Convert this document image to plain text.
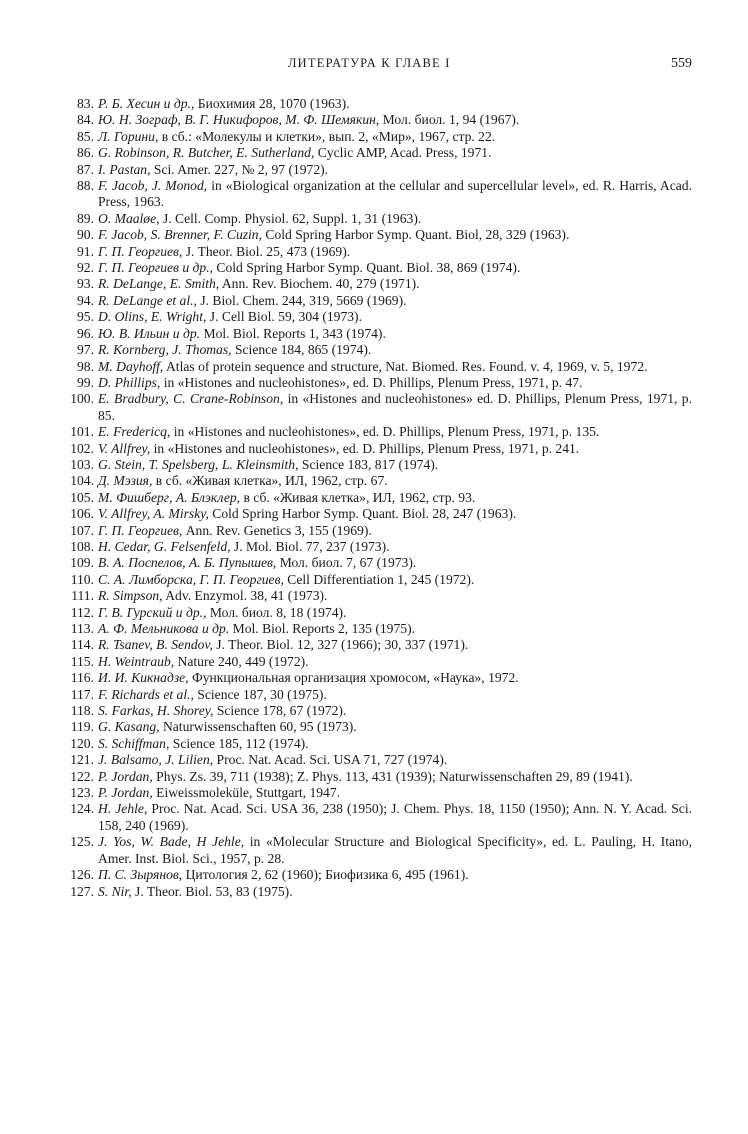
ЛИТЕРАТУРА К ГЛАВЕ I	559
83. Р. Б. Хесин и др., Биохимия 28, 1070 (1963).
84. Ю. Н. Зограф, В. Г. Никифоров, М. Ф. Шемякин, Мол. биол. 1, 94 (1967).
85. Л. Горини, в сб.: «Молекулы и клетки», вып. 2, «Мир», 1967, стр. 22.
86. G. Robinson, R. Butcher, E. Sutherland, Cyclic AMP, Acad. Press, 1971.
87. I. Pastan, Sci. Amer. 227, № 2, 97 (1972).
88. F. Jacob, J. Monod, in «Biological organization at the cellular and supercellular level», ed. R. Harris, Acad. Press, 1963.
89. O. Maaløe, J. Cell. Comp. Physiol. 62, Suppl. 1, 31 (1963).
90. F. Jacob, S. Brenner, F. Cuzin, Cold Spring Harbor Symp. Quant. Biol, 28, 329 (1963).
91. Г. П. Георгиев, J. Theor. Biol. 25, 473 (1969).
92. Г. П. Георгиев и др., Cold Spring Harbor Symp. Quant. Biol. 38, 869 (1974).
93. R. DeLange, E. Smith, Ann. Rev. Biochem. 40, 279 (1971).
94. R. DeLange et al., J. Biol. Chem. 244, 319, 5669 (1969).
95. D. Olins, E. Wright, J. Cell Biol. 59, 304 (1973).
96. Ю. В. Ильин и др. Mol. Biol. Reports 1, 343 (1974).
97. R. Kornberg, J. Thomas, Science 184, 865 (1974).
98. M. Dayhoff, Atlas of protein sequence and structure, Nat. Biomed. Res. Found. v. 4, 1969, v. 5, 1972.
99. D. Phillips, in «Histones and nucleohistones», ed. D. Phillips, Plenum Press, 1971, p. 47.
100. E. Bradbury, C. Crane-Robinson, in «Histones and nucleohistones» ed. D. Phillips, Plenum Press, 1971, p. 85.
101. E. Fredericq, in «Histones and nucleohistones», ed. D. Phillips, Plenum Press, 1971, p. 135.
102. V. Allfrey, in «Histones and nucleohistones», ed. D. Phillips, Plenum Press, 1971, p. 241.
103. G. Stein, T. Spelsberg, L. Kleinsmith, Science 183, 817 (1974).
104. Д. Мэзия, в сб. «Живая клетка», ИЛ, 1962, стр. 67.
105. М. Фишберг, А. Блэклер, в сб. «Живая клетка», ИЛ, 1962, стр. 93.
106. V. Allfrey, A. Mirsky, Cold Spring Harbor Symp. Quant. Biol. 28, 247 (1963).
107. Г. П. Георгиев, Ann. Rev. Genetics 3, 155 (1969).
108. H. Cedar, G. Felsenfeld, J. Mol. Biol. 77, 237 (1973).
109. В. А. Поспелов, А. Б. Пупышев, Мол. биол. 7, 67 (1973).
110. С. А. Лимборска, Г. П. Георгиев, Cell Differentiation 1, 245 (1972).
111. R. Simpson, Adv. Enzymol. 38, 41 (1973).
112. Г. В. Гурский и др., Мол. биол. 8, 18 (1974).
113. А. Ф. Мельникова и др. Mol. Biol. Reports 2, 135 (1975).
114. R. Tsanev, B. Sendov, J. Theor. Biol. 12, 327 (1966); 30, 337 (1971).
115. H. Weintraub, Nature 240, 449 (1972).
116. И. И. Кикнадзе, Функциональная организация хромосом, «Наука», 1972.
117. F. Richards et al., Science 187, 30 (1975).
118. S. Farkas, H. Shorey, Science 178, 67 (1972).
119. G. Kasang, Naturwissenschaften 60, 95 (1973).
120. S. Schiffman, Science 185, 112 (1974).
121. J. Balsamo, J. Lilien, Proc. Nat. Acad. Sci. USA 71, 727 (1974).
122. P. Jordan, Phys. Zs. 39, 711 (1938); Z. Phys. 113, 431 (1939); Naturwissenschaften 29, 89 (1941).
123. P. Jordan, Eiweissmoleküle, Stuttgart, 1947.
124. H. Jehle, Proc. Nat. Acad. Sci. USA 36, 238 (1950); J. Chem. Phys. 18, 1150 (1950); Ann. N. Y. Acad. Sci. 158, 240 (1969).
125. J. Yos, W. Bade, H Jehle, in «Molecular Structure and Biological Specificity», ed. L. Pauling, H. Itano, Amer. Inst. Biol. Sci., 1957, p. 28.
126. П. С. Зырянов, Цитология 2, 62 (1960); Биофизика 6, 495 (1961).
127. S. Nir, J. Theor. Biol. 53, 83 (1975).
